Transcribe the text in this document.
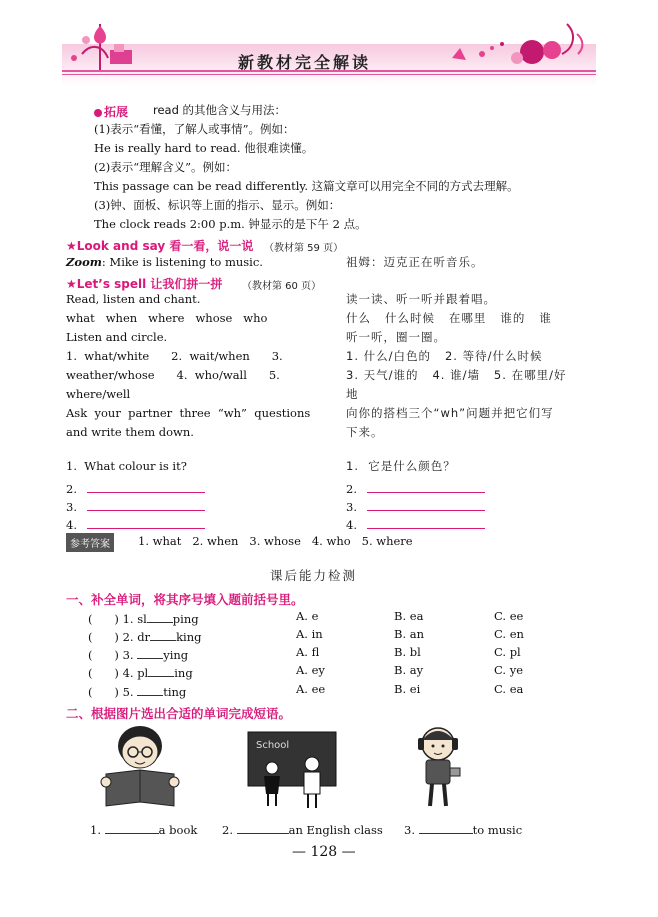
新教材完全解读
拓展 read 的其他含义与用法：
(1)表示“看懂，了解人或事情”。例如：
He is really hard to read. 他很难读懂。
(2)表示“理解含义”。例如：
This passage can be read differently. 这篇文章可以用完全不同的方式去理解。
(3)钟、面板、标识等上面的指示、显示。例如：
The clock reads 2:00 p.m. 钟显示的是下午 2 点。
★Look and say 看一看，说一说 （教材第 59 页）
Zoom: Mike is listening to music.	祖姆：迈克正在听音乐。
★Let’s spell 让我们拼一拼 （教材第 60 页）
Read, listen and chant.
what   when   where   whose   who
Listen and circle.
1.  what/white      2.  wait/when      3.
weather/whose      4.  who/wall      5.
where/well
Ask  your  partner  three  “wh”  questions
and write them down.
读一读、听一听并跟着唱。
什么   什么时候   在哪里   谁的   谁
听一听，圈一圈。
1. 什么/白色的   2. 等待/什么时候
3. 天气/谁的   4. 谁/墙   5. 在哪里/好
地
向你的搭档三个“wh”问题并把它们写
下来。
1.  What colour is it?
2.
3.
4.
1.  它是什么颜色？
2.
3.
4.
参考答案	1. what   2. when   3. whose   4. who   5. where
课后能力检测
一、补全单词，将其序号填入题前括号里。
(      ) 1. sl ping	A. e	B. ea	C. ee
(      ) 2. dr king	A. in	B. an	C. en
(      ) 3.	ying	A. fl	B. bl	C. pl
(      ) 4. pl ing	A. ey	B. ay	C. ye
(      ) 5.	ting	A. ee	B. ei	C. ea
二、根据图片选出合适的单词完成短语。
School
1.	a book 2.	an English class 3.	to music
— 128 —
